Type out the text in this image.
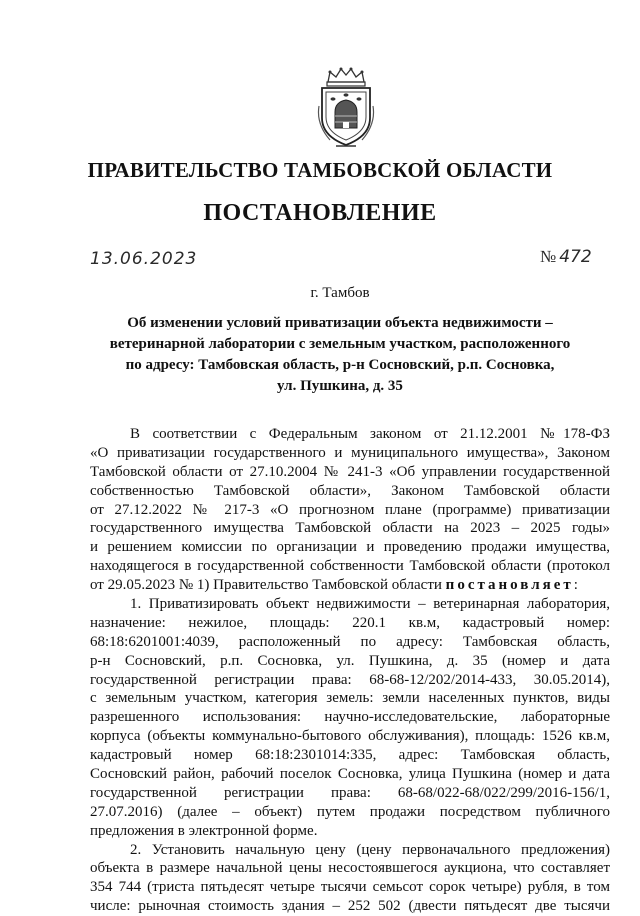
ПРАВИТЕЛЬСТВО ТАМБОВСКОЙ ОБЛАСТИ
ПОСТАНОВЛЕНИЕ
13.06.2023	№ 472
г. Тамбов
Об изменении условий приватизации объекта недвижимости –
ветеринарной лаборатории с земельным участком, расположенного
по адресу: Тамбовская область, р-н Сосновский, р.п. Сосновка,
ул. Пушкина, д. 35
В соответствии с Федеральным законом от 21.12.2001 №178-ФЗ
«О приватизации государственного и муниципального имущества», Законом
Тамбовской области от 27.10.2004 № 241-3 «Об управлении государственной
собственностью Тамбовской области», Законом Тамбовской области
от 27.12.2022 № 217-3 «О прогнозном плане (программе) приватизации
государственного имущества Тамбовской области на 2023 – 2025 годы»
и решением комиссии по организации и проведению продажи имущества,
находящегося в государственной собственности Тамбовской области (протокол
от 29.05.2023 № 1) Правительство Тамбовской области постановляет:
1. Приватизировать объект недвижимости – ветеринарная лаборатория,
назначение: нежилое, площадь: 220.1 кв.м, кадастровый номер:
68:18:6201001:4039, расположенный по адресу: Тамбовская область,
р-н Сосновский, р.п. Сосновка, ул. Пушкина, д. 35 (номер и дата
государственной регистрации права: 68-68-12/202/2014-433, 30.05.2014),
с земельным участком, категория земель: земли населенных пунктов, виды
разрешенного использования: научно-исследовательские, лабораторные
корпуса (объекты коммунально-бытового обслуживания), площадь: 1526 кв.м,
кадастровый номер 68:18:2301014:335, адрес: Тамбовская область,
Сосновский район, рабочий поселок Сосновка, улица Пушкина (номер и дата
государственной регистрации права: 68-68/022-68/022/299/2016-156/1,
27.07.2016) (далее – объект) путем продажи посредством публичного
предложения в электронной форме.
2. Установить начальную цену (цену первоначального предложения)
объекта в размере начальной цены несостоявшегося аукциона, что составляет
354 744 (триста пятьдесят четыре тысячи семьсот сорок четыре) рубля, в том
числе: рыночная стоимость здания – 252 502 (двести пятьдесят две тысячи
